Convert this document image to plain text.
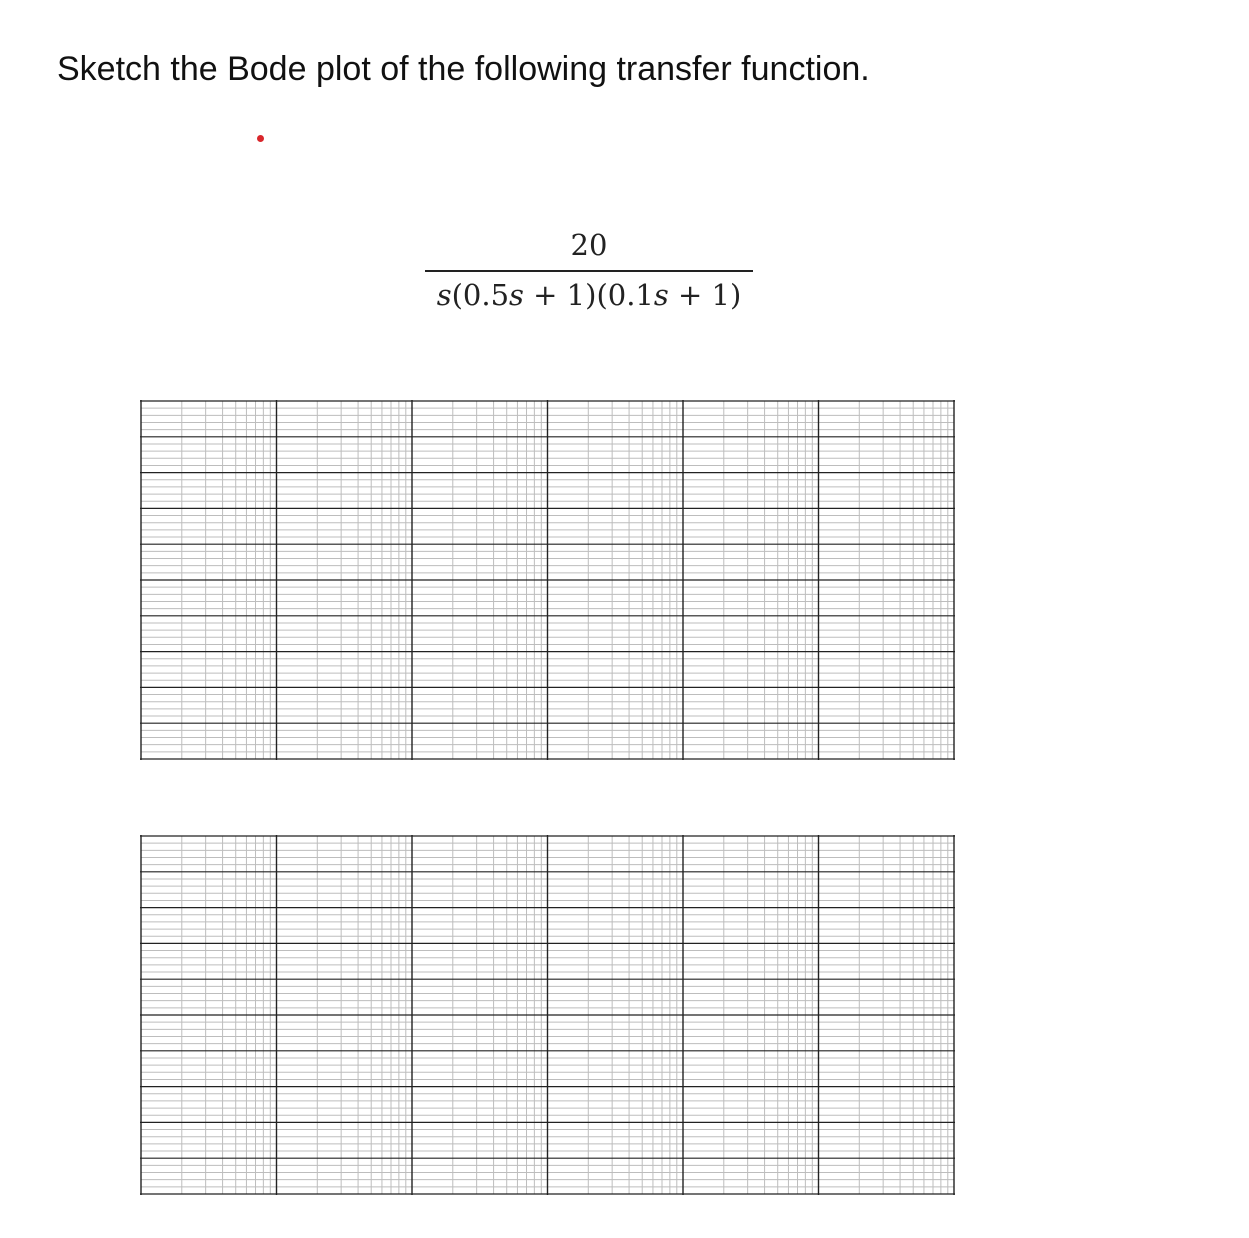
Sketch the Bode plot of the following transfer function.
20
s(0.5s + 1)(0.1s + 1)
